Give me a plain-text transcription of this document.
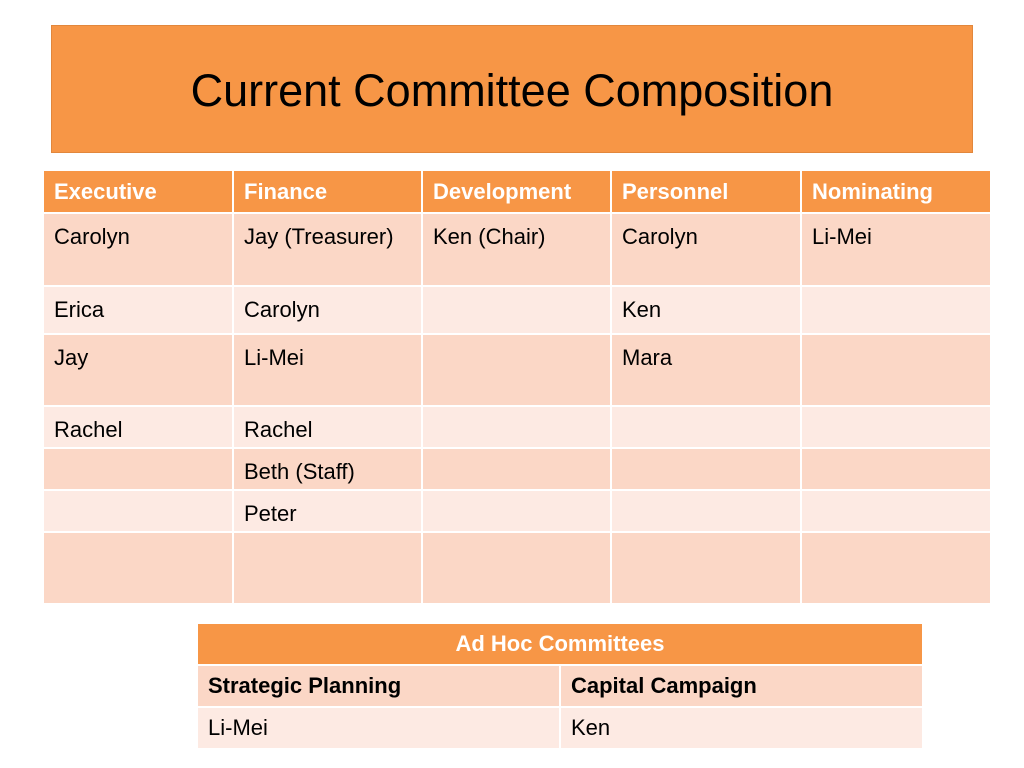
Current Committee Composition
Executive	Finance	Development	Personnel	Nominating
Carolyn	Jay (Treasurer)	Ken (Chair)	Carolyn	Li-Mei
Erica	Carolyn		Ken	
Jay	Li-Mei		Mara	
Rachel	Rachel			
	Beth (Staff)			
	Peter			

Ad Hoc Committees	
Strategic Planning	Capital Campaign
Li-Mei	Ken
